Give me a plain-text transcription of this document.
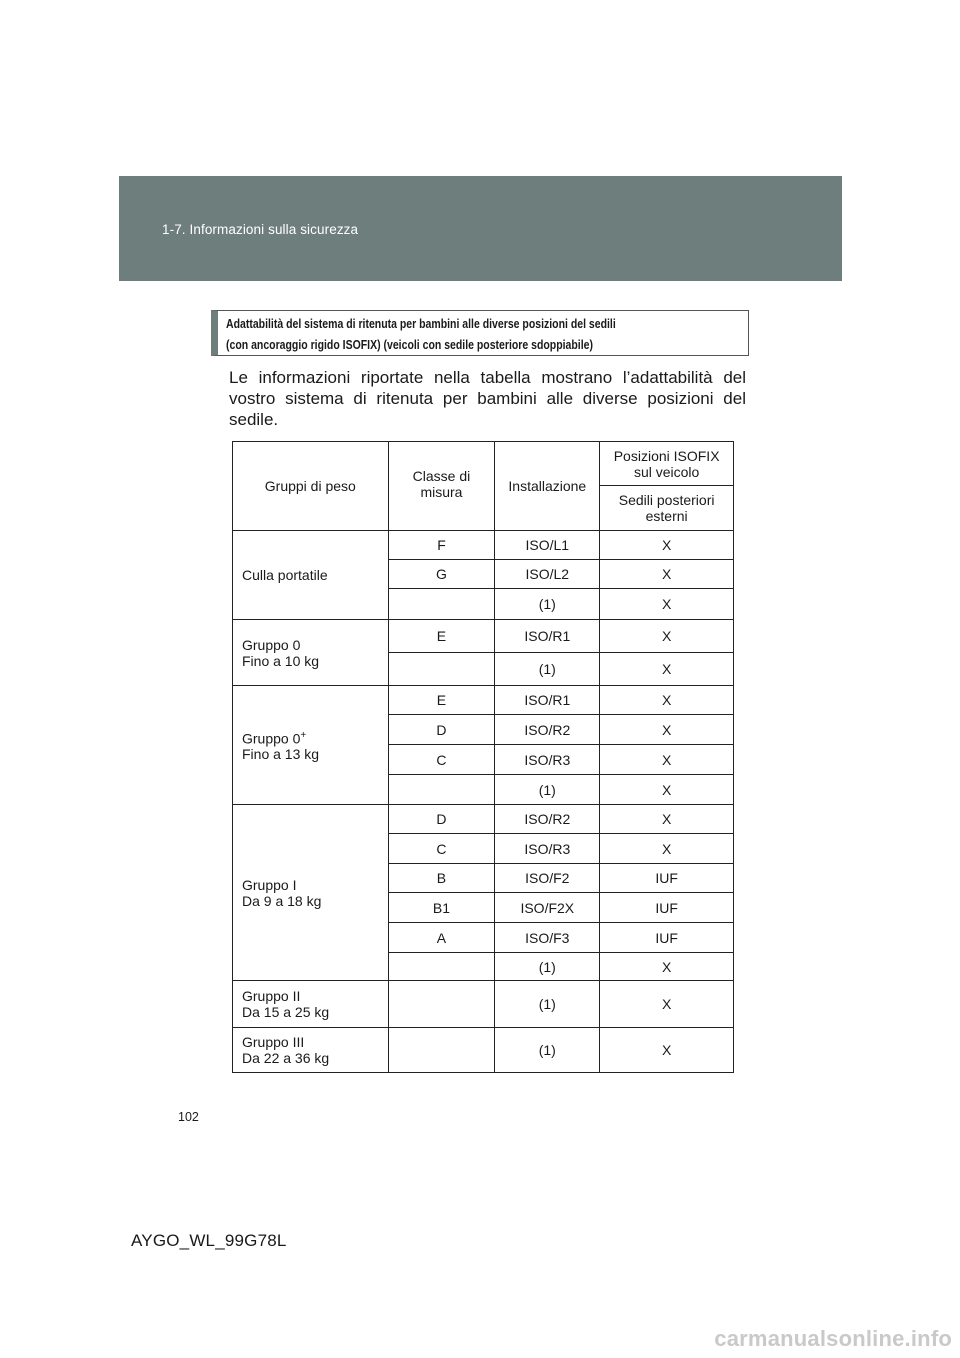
1-7. Informazioni sulla sicurezza
Adattabilità del sistema di ritenuta per bambini alle diverse posizioni del sedili
(con ancoraggio rigido ISOFIX) (veicoli con sedile posteriore sdoppiabile)
Le informazioni riportate nella tabella mostrano l’adattabilità del vostro sistema di ritenuta per bambini alle diverse posizioni del sedile.
Gruppi di peso	Classe di misura	Installazione	Posizioni ISOFIX sul veicolo
			Sedili posteriori esterni
Culla portatile	F	ISO/L1	X
	G	ISO/L2	X
		(1)	X
Gruppo 0
Fino a 10 kg	E	ISO/R1	X
		(1)	X
Gruppo 0+
Fino a 13 kg	E	ISO/R1	X
	D	ISO/R2	X
	C	ISO/R3	X
		(1)	X
Gruppo I
Da 9 a 18 kg	D	ISO/R2	X
	C	ISO/R3	X
	B	ISO/F2	IUF
	B1	ISO/F2X	IUF
	A	ISO/F3	IUF
		(1)	X
Gruppo II
Da 15 a 25 kg		(1)	X
Gruppo III
Da 22 a 36 kg		(1)	X
102
AYGO_WL_99G78L
carmanualsonline.info
